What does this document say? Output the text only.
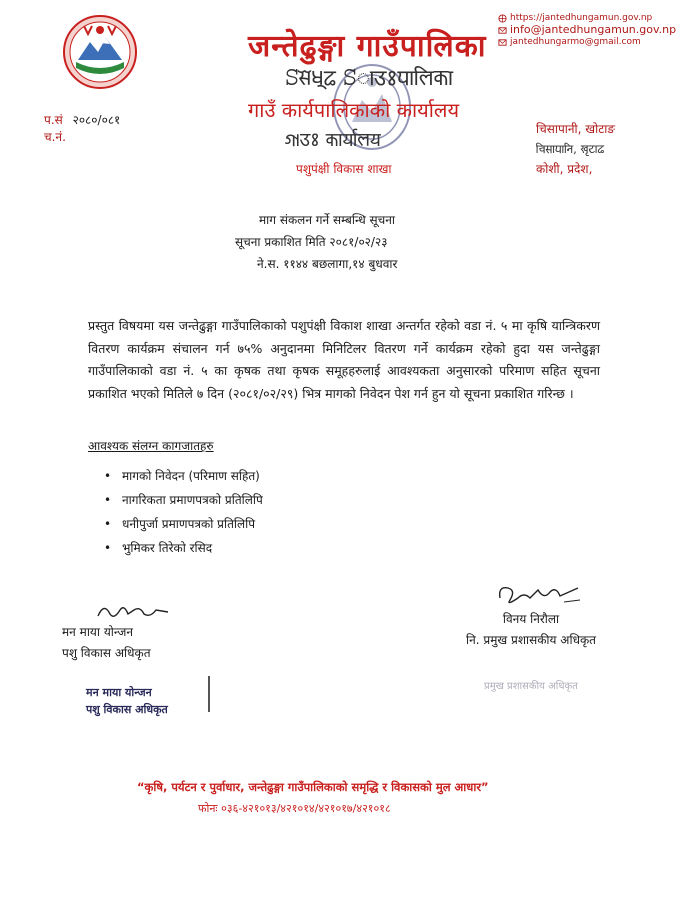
जन्तेढुङ्गा गाउँपालिका
ꕶ𑐳𑐾𑐢𑐸𑐒 ꕶ𑐵𑐄𑑅𑐥𑐵𑐮𑐶𑐎𑐵
गाउँ कार्यपालिकाको कार्यालय
𑐐𑐵𑐄𑑅 𑐎𑐵𑐬𑑂𑐫𑐵𑐮𑐫
पशुपंक्षी विकास शाखा
https://jantedhungamun.gov.np
info@jantedhungamun.gov.np
jantedhungarmo@gmail.com
प.सं २०८०/०८१
च.नं.
चिसापानी, खोटाङ
𑐔𑐶𑐳𑐵𑐥𑐵𑐣𑐶, 𑐏𑐺𑐚𑐵𑐒
कोशी, प्रदेश,
माग संकलन गर्ने सम्बन्धि सूचना
सूचना प्रकाशित मिति २०८१/०२/२३
ने.स. ११४४ बछलागा,१४ बुधवार
प्रस्तुत विषयमा यस जन्तेढुङ्गा गाउँपालिकाको पशुपंक्षी विकाश शाखा अन्तर्गत रहेको वडा नं. ५ मा कृषि यान्त्रिकरण वितरण कार्यक्रम संचालन गर्न ७५% अनुदानमा मिनिटिलर वितरण गर्ने कार्यक्रम रहेको हुदा यस जन्तेढुङ्गा गाउँपालिकाको वडा नं. ५ का कृषक तथा कृषक समूहहरुलाई आवश्यकता अनुसारको परिमाण सहित सूचना प्रकाशित भएको मितिले ७ दिन (२०८१/०२/२९) भित्र मागको निवेदन पेश गर्न हुन यो सूचना प्रकाशित गरिन्छ ।
आवश्यक संलग्न कागजातहरु
• मागको निवेदन (परिमाण सहित)
• नागरिकता प्रमाणपत्रको प्रतिलिपि
• धनीपुर्जा प्रमाणपत्रको प्रतिलिपि
• भुमिकर तिरेको रसिद
मन माया योन्जन
पशु विकास अधिकृत
मन माया योन्जन
पशु विकास अधिकृत
विनय निरौला
नि. प्रमुख प्रशासकीय अधिकृत
प्रमुख प्रशासकीय अधिकृत
“कृषि, पर्यटन र पुर्वाधार, जन्तेढुङ्गा गाउँपालिकाको समृद्धि र विकासको मुल आधार”
फोनः ०३६-४२१०१३/४२१०१४/४२१०१७/४२१०१८
